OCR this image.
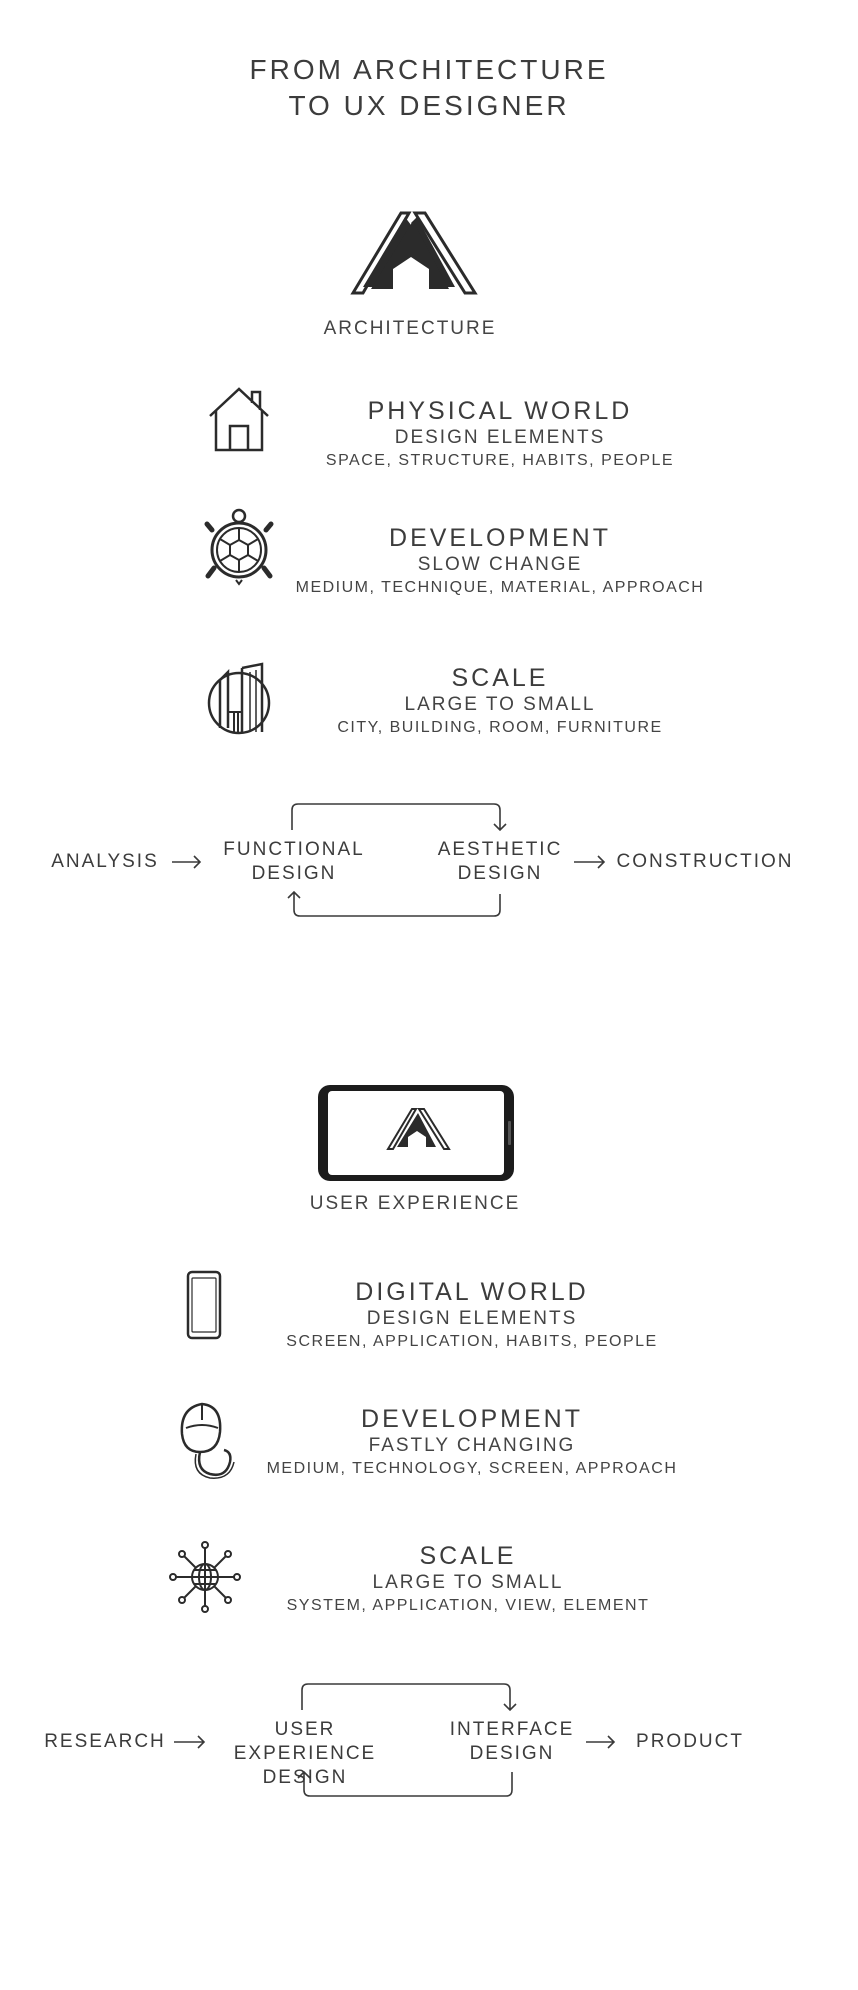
FROM ARCHITECTURE
TO UX DESIGNER
ARCHITECTURE
PHYSICAL WORLD
DESIGN ELEMENTS
SPACE, STRUCTURE, HABITS, PEOPLE
DEVELOPMENT
SLOW CHANGE
MEDIUM, TECHNIQUE, MATERIAL, APPROACH
SCALE
LARGE TO SMALL
CITY, BUILDING, ROOM, FURNITURE
ANALYSIS
FUNCTIONAL
DESIGN
AESTHETIC
DESIGN
CONSTRUCTION
USER EXPERIENCE
DIGITAL WORLD
DESIGN ELEMENTS
SCREEN, APPLICATION, HABITS, PEOPLE
DEVELOPMENT
FASTLY CHANGING
MEDIUM, TECHNOLOGY, SCREEN, APPROACH
SCALE
LARGE TO SMALL
SYSTEM, APPLICATION, VIEW, ELEMENT
RESEARCH
USER EXPERIENCE
DESIGN
INTERFACE
DESIGN
PRODUCT
